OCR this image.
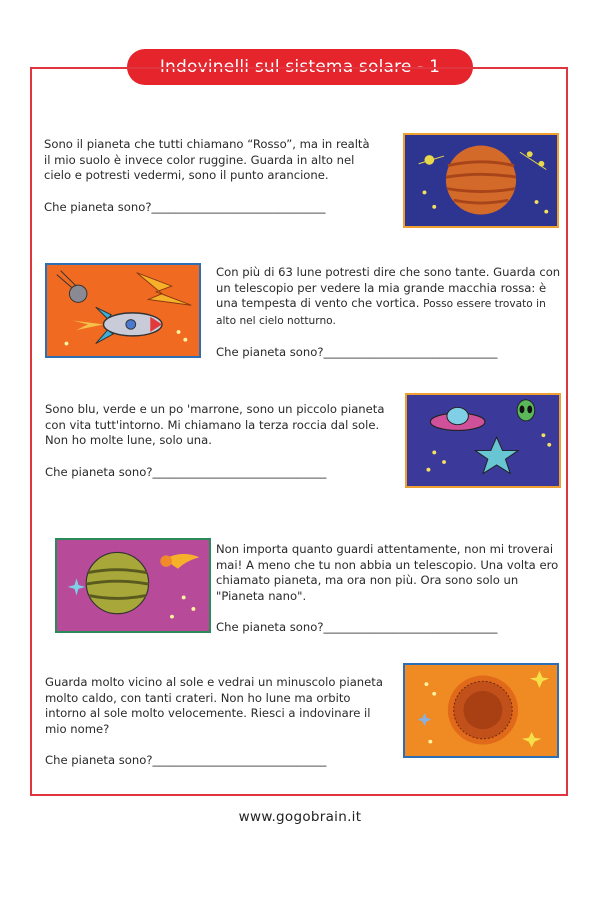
Indovinelli sul sistema solare - 1

Sono il pianeta che tutti chiamano “Rosso”, ma in realtà il mio suolo è invece color ruggine. Guarda in alto nel cielo e potresti vedermi, sono il punto arancione.

Che pianeta sono?______________________________

Con più di 63 lune potresti dire che sono tante. Guarda con un telescopio per vedere la mia grande macchia rossa: è una tempesta di vento che vortica. Posso essere trovato in alto nel cielo notturno.

Che pianeta sono?______________________________

Sono blu, verde e un po 'marrone, sono un piccolo pianeta con vita tutt'intorno. Mi chiamano la terza roccia dal sole. Non ho molte lune, solo una.

Che pianeta sono?______________________________

Non importa quanto guardi attentamente, non mi troverai mai! A meno che tu non abbia un telescopio. Una volta ero chiamato pianeta, ma ora non più. Ora sono solo un "Pianeta nano".

Che pianeta sono?______________________________

Guarda molto vicino al sole e vedrai un minuscolo pianeta molto caldo, con tanti crateri. Non ho lune ma orbito intorno al sole molto velocemente. Riesci a indovinare il mio nome?

Che pianeta sono?______________________________

www.gogobrain.it
